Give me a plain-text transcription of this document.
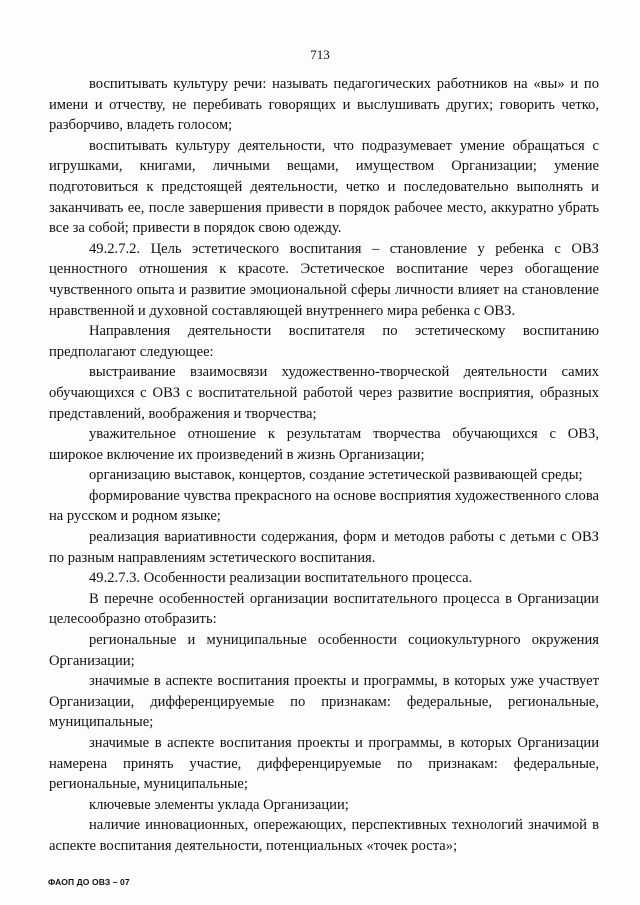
713

воспитывать культуру речи: называть педагогических работников на «вы» и по имени и отчеству, не перебивать говорящих и выслушивать других; говорить четко, разборчиво, владеть голосом;

воспитывать культуру деятельности, что подразумевает умение обращаться с игрушками, книгами, личными вещами, имуществом Организации; умение подготовиться к предстоящей деятельности, четко и последовательно выполнять и заканчивать ее, после завершения привести в порядок рабочее место, аккуратно убрать все за собой; привести в порядок свою одежду.

49.2.7.2. Цель эстетического воспитания – становление у ребенка с ОВЗ ценностного отношения к красоте. Эстетическое воспитание через обогащение чувственного опыта и развитие эмоциональной сферы личности влияет на становление нравственной и духовной составляющей внутреннего мира ребенка с ОВЗ.

Направления деятельности воспитателя по эстетическому воспитанию предполагают следующее:

выстраивание взаимосвязи художественно-творческой деятельности самих обучающихся с ОВЗ с воспитательной работой через развитие восприятия, образных представлений, воображения и творчества;

уважительное отношение к результатам творчества обучающихся с ОВЗ, широкое включение их произведений в жизнь Организации;

организацию выставок, концертов, создание эстетической развивающей среды;

формирование чувства прекрасного на основе восприятия художественного слова на русском и родном языке;

реализация вариативности содержания, форм и методов работы с детьми с ОВЗ по разным направлениям эстетического воспитания.

49.2.7.3. Особенности реализации воспитательного процесса.

В перечне особенностей организации воспитательного процесса в Организации целесообразно отобразить:

региональные и муниципальные особенности социокультурного окружения Организации;

значимые в аспекте воспитания проекты и программы, в которых уже участвует Организации, дифференцируемые по признакам: федеральные, региональные, муниципальные;

значимые в аспекте воспитания проекты и программы, в которых Организации намерена принять участие, дифференцируемые по признакам: федеральные, региональные, муниципальные;

ключевые элементы уклада Организации;

наличие инновационных, опережающих, перспективных технологий значимой в аспекте воспитания деятельности, потенциальных «точек роста»;

ФАОП ДО ОВЗ – 07
